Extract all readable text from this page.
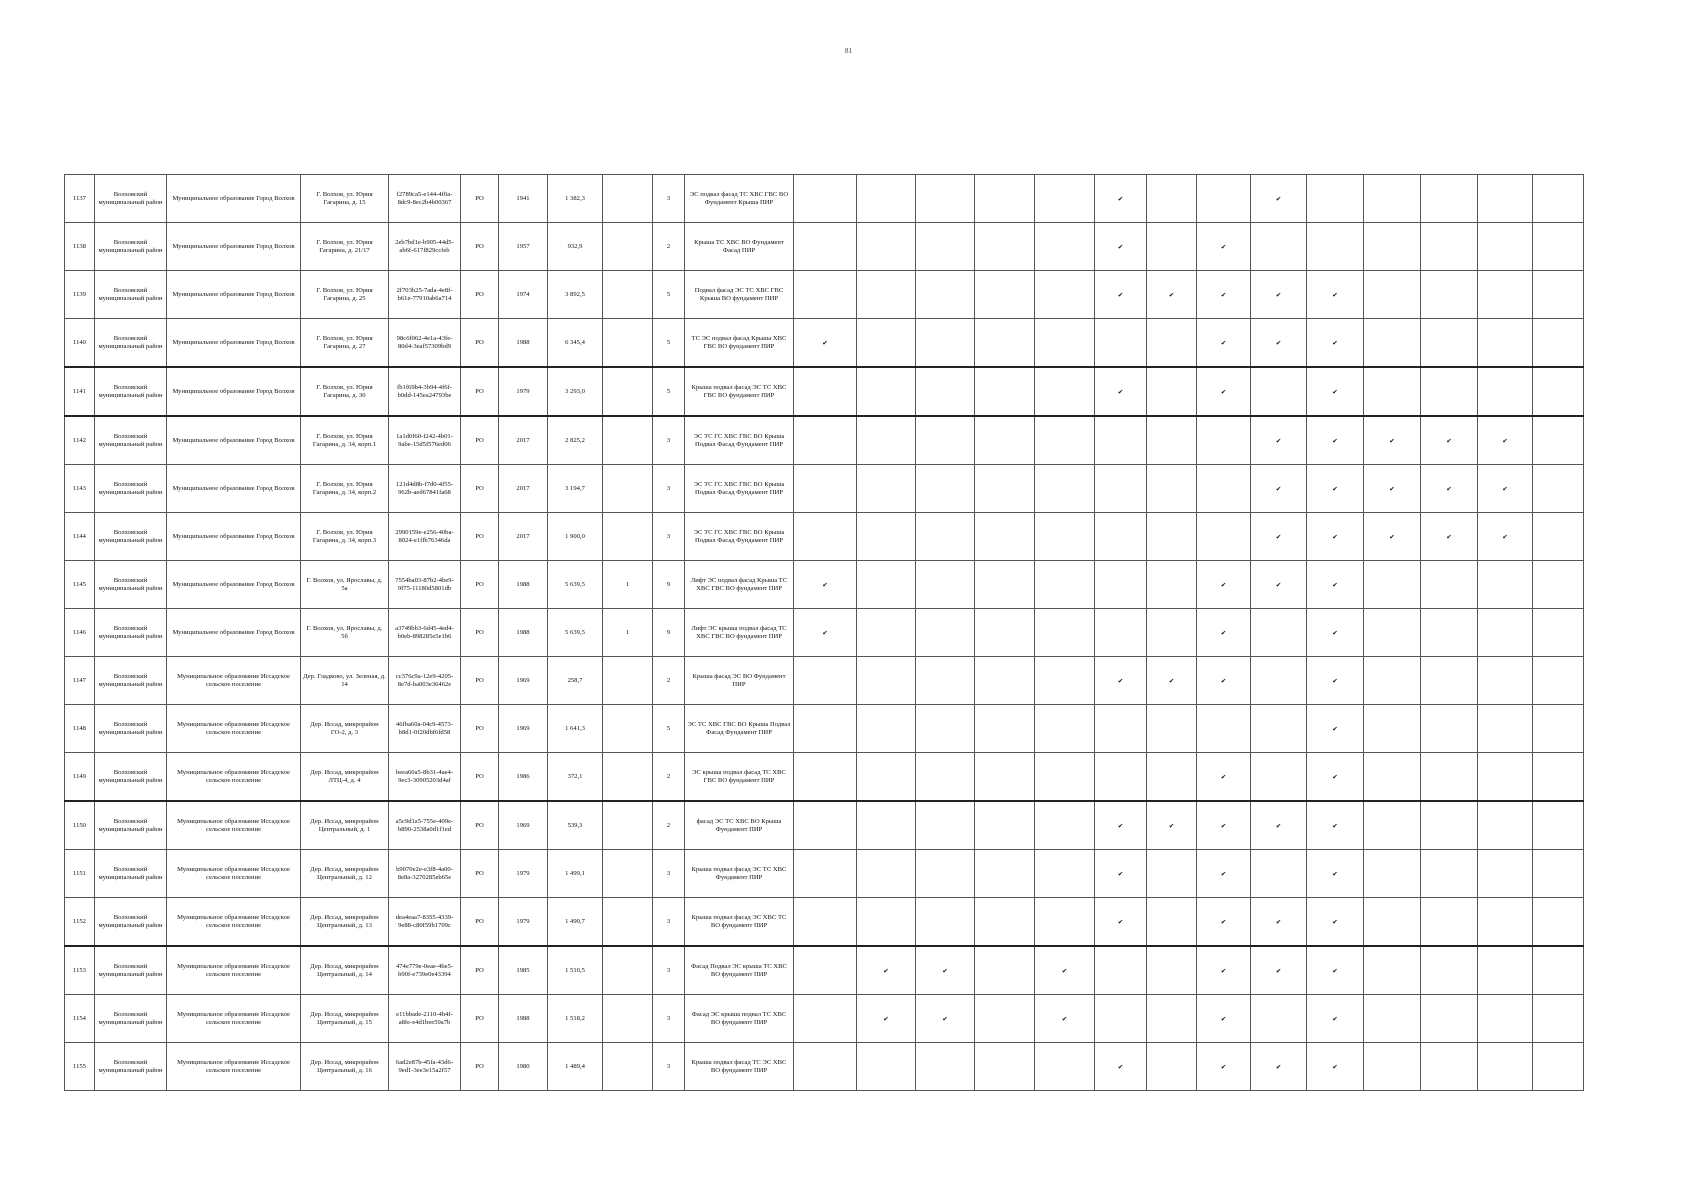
81
1137	Волховский муниципальный район	Муниципальное образование Город Волхов	Г. Волхов, ул. Юрия Гагарина, д. 15	f2789ca5-e144-4f0a-8dc9-8ec2b4b00367	РО	1941	1 382,3		3	ЭС подвал фасад ТС ХВС ГВС ВО Фундамент Крыша ПИР						✔			✔					
1138	Волховский муниципальный район	Муниципальное образование Город Волхов	Г. Волхов, ул. Юрия Гагарина, д. 21/17	2eb7bd1e-b905-44d5-ab6f-617f829ccfeb	РО	1957	932,9		2	Крыша ТС ХВС ВО Фундамент Фасад ПИР						✔		✔						
1139	Волховский муниципальный район	Муниципальное образование Город Волхов	Г. Волхов, ул. Юрия Гагарина, д. 25	2f703b25-7ada-4e8f-b61e-77910ab6a714	РО	1974	3 892,5		5	Подвал фасад ЭС ТС ХВС ГВС Крыша ВО фундамент ПИР						✔	✔	✔	✔	✔				
1140	Волховский муниципальный район	Муниципальное образование Город Волхов	Г. Волхов, ул. Юрия Гагарина, д. 27	98c6f062-4e1a-43fe-80d4-3eaf57309bd9	РО	1988	6 345,4		5	ТС ЭС подвал фасад Крыша ХВС ГВС ВО фундамент ПИР	✔							✔	✔	✔				
1141	Волховский муниципальный район	Муниципальное образование Город Волхов	Г. Волхов, ул. Юрия Гагарина, д. 30	fb1f69b4-3b94-4f6f-b0dd-145ea24793be	РО	1979	3 293,0		5	Крыша подвал фасад ЭС ТС ХВС ГВС ВО фундамент ПИР						✔		✔		✔				
1142	Волховский муниципальный район	Муниципальное образование Город Волхов	Г. Волхов, ул. Юрия Гагарина, д. 34, корп.1	1a1d0f60-f242-4b01-9abe-15d5f576ed06	РО	2017	2 825,2		3	ЭС ТС ГС ХВС ГВС ВО Крыша Подвал Фасад Фундамент ПИР									✔	✔	✔	✔	✔	
1143	Волховский муниципальный район	Муниципальное образование Город Волхов	Г. Волхов, ул. Юрия Гагарина, д. 34, корп.2	121d4d8b-f7d0-4f55-962b-aed67841fa68	РО	2017	3 194,7		3	ЭС ТС ГС ХВС ГВС ВО Крыша Подвал Фасад Фундамент ПИР									✔	✔	✔	✔	✔	
1144	Волховский муниципальный район	Муниципальное образование Город Волхов	Г. Волхов, ул. Юрия Гагарина, д. 34, корп.3	2990159e-e256-40ba-8024-e1ffb76346da	РО	2017	1 900,0		3	ЭС ТС ГС ХВС ГВС ВО Крыша Подвал Фасад Фундамент ПИР									✔	✔	✔	✔	✔	
1145	Волховский муниципальный район	Муниципальное образование Город Волхов	Г. Волхов, ул. Ярославы, д. 5а	7554ba03-87b2-4be9-9f75-11180d5801db	РО	1988	5 639,5	1	9	Лифт ЭС подвал фасад Крыша ТС ХВС ГВС ВО фундамент ПИР	✔							✔	✔	✔				
1146	Волховский муниципальный район	Муниципальное образование Город Волхов	Г. Волхов, ул. Ярославы, д. 5б	a3749bb3-6d45-4ed4-b0eb-898285e5e1b6	РО	1988	5 639,5	1	9	Лифт ЭС крыша подвал фасад ТС ХВС ГВС ВО фундамент ПИР	✔							✔		✔				
1147	Волховский муниципальный район	Муниципальное образование Иссадское сельское поселение	Дер. Гладково, ул. Зеленая, д. 14	cc376c9a-12e9-4205-8e7d-ba003e36462e	РО	1969	258,7		2	Крыша фасад ЭС ВО Фундамент ПИР						✔	✔	✔		✔				
1148	Волховский муниципальный район	Муниципальное образование Иссадское сельское поселение	Дер. Иссад, микрорайон ГО-2, д. 3	46fba60a-04c9-4573-b8d1-0f20dbf6fd58	РО	1969	1 641,3		5	ЭС ТС ХВС ГВС ВО Крыша Подвал Фасад Фундамент ПИР										✔				
1149	Волховский муниципальный район	Муниципальное образование Иссадское сельское поселение	Дер. Иссад, микрорайон ЛТЦ-4, д. 4	beea60a5-8b31-4ae4-9ec3-30905203d4af	РО	1986	372,1		2	ЭС крыша подвал фасад ТС ХВС ГВС ВО фундамент ПИР								✔		✔				
1150	Волховский муниципальный район	Муниципальное образование Иссадское сельское поселение	Дер. Иссад, микрорайон Центральный, д. 1	a5c9d1a5-755e-409e-b890-2538a0d1f1ed	РО	1969	539,3		2	фасад ЭС ТС ХВС ВО Крыша Фундамент ПИР						✔	✔	✔	✔	✔				
1151	Волховский муниципальный район	Муниципальное образование Иссадское сельское поселение	Дер. Иссад, микрорайон Центральный, д. 12	b9070e2e-e3f8-4a00-8e8a-3270285eb65e	РО	1979	1 499,1		3	Крыша подвал фасад ЭС ТС ХВС Фундамент ПИР						✔		✔		✔				
1152	Волховский муниципальный район	Муниципальное образование Иссадское сельское поселение	Дер. Иссад, микрорайон Центральный, д. 13	dea4eaa7-8355-4339-9e88-c80f59b1709c	РО	1979	1 490,7		3	Крыша подвал фасад ЭС ХВС ТС ВО фундамент ПИР						✔		✔	✔	✔				
1153	Волховский муниципальный район	Муниципальное образование Иссадское сельское поселение	Дер. Иссад, микрорайон Центральный, д. 14	474e779e-0eae-4be5-b90f-e739e0e43394	РО	1985	1 510,5		3	Фасад Подвал ЭС крыша ТС ХВС ВО фундамент ПИР		✔	✔		✔			✔	✔	✔				
1154	Волховский муниципальный район	Муниципальное образование Иссадское сельское поселение	Дер. Иссад, микрорайон Центральный, д. 15	e11bbade-2110-4b4f-a8fe-e4d1bee59a7b	РО	1988	1 518,2		3	Фасад ЭС крыша подвал ТС ХВС ВО фундамент ПИР		✔	✔		✔			✔		✔				
1155	Волховский муниципальный район	Муниципальное образование Иссадское сельское поселение	Дер. Иссад, микрорайон Центральный, д. 16	6ad2e87b-45fa-43d6-9ed1-3ee3e15a2f57	РО	1980	1 489,4		3	Крыша подвал фасад ТС ЭС ХВС ВО фундамент ПИР						✔		✔	✔	✔				
